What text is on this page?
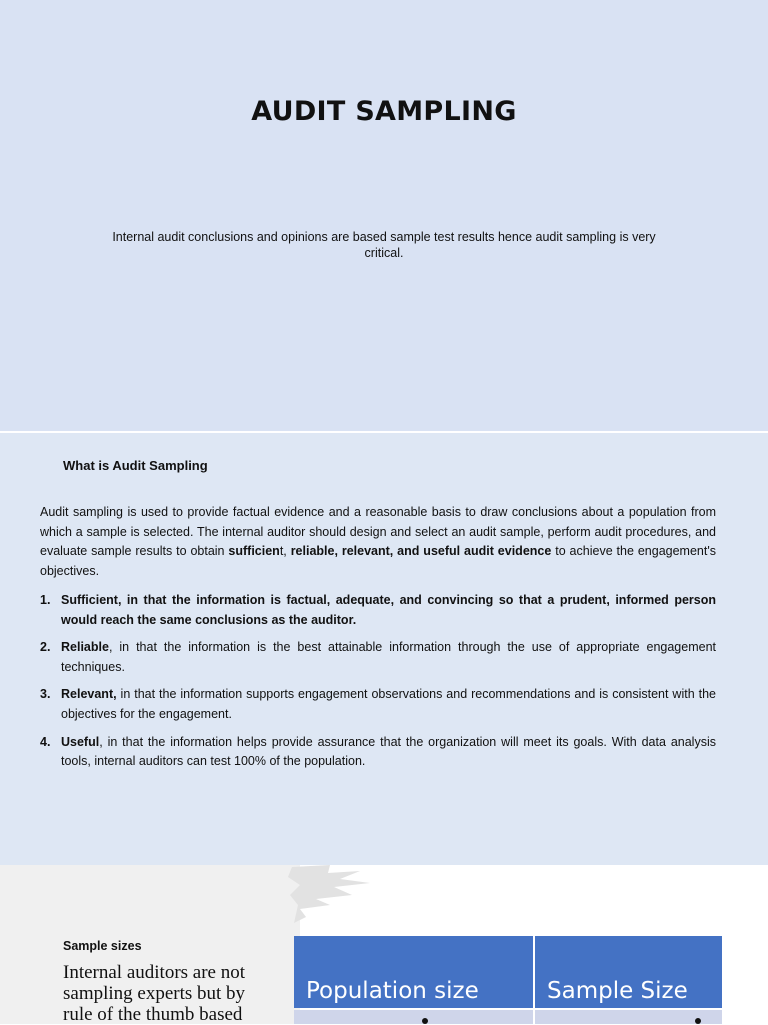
AUDIT SAMPLING
Internal audit conclusions and opinions are based sample test results hence audit sampling is very critical.
What is Audit Sampling
Audit sampling is used to provide factual evidence and a reasonable basis to draw conclusions about a population from which a sample is selected. The internal auditor should design and select an audit sample, perform audit procedures, and evaluate sample results to obtain sufficient, reliable, relevant, and useful audit evidence to achieve the engagement's objectives.
1. Sufficient, in that the information is factual, adequate, and convincing so that a prudent, informed person would reach the same conclusions as the auditor.
2. Reliable, in that the information is the best attainable information through the use of appropriate engagement techniques.
3. Relevant, in that the information supports engagement observations and recommendations and is consistent with the objectives for the engagement.
4. Useful, in that the information helps provide assurance that the organization will meet its goals. With data analysis tools, internal auditors can test 100% of the population.
Sample sizes
Internal auditors are not sampling experts but by rule of the thumb based
Population size	Sample Size
